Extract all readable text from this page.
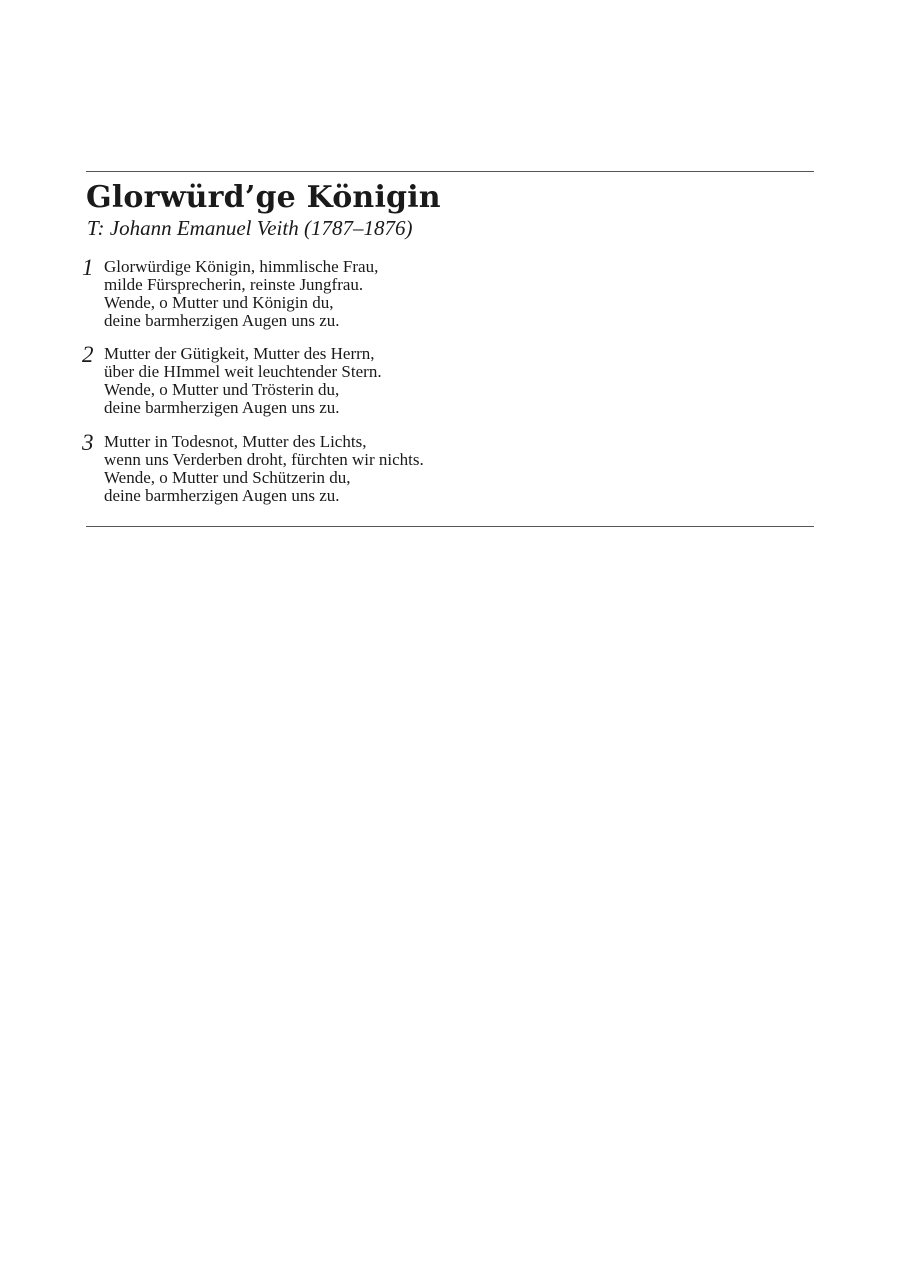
Glorwürd’ge Königin

T: Johann Emanuel Veith (1787–1876)

1 Glorwürdige Königin, himmlische Frau,
milde Fürsprecherin, reinste Jungfrau.
Wende, o Mutter und Königin du,
deine barmherzigen Augen uns zu.
2 Mutter der Gütigkeit, Mutter des Herrn,
über die HImmel weit leuchtender Stern.
Wende, o Mutter und Trösterin du,
deine barmherzigen Augen uns zu.
3 Mutter in Todesnot, Mutter des Lichts,
wenn uns Verderben droht, fürchten wir nichts.
Wende, o Mutter und Schützerin du,
deine barmherzigen Augen uns zu.
